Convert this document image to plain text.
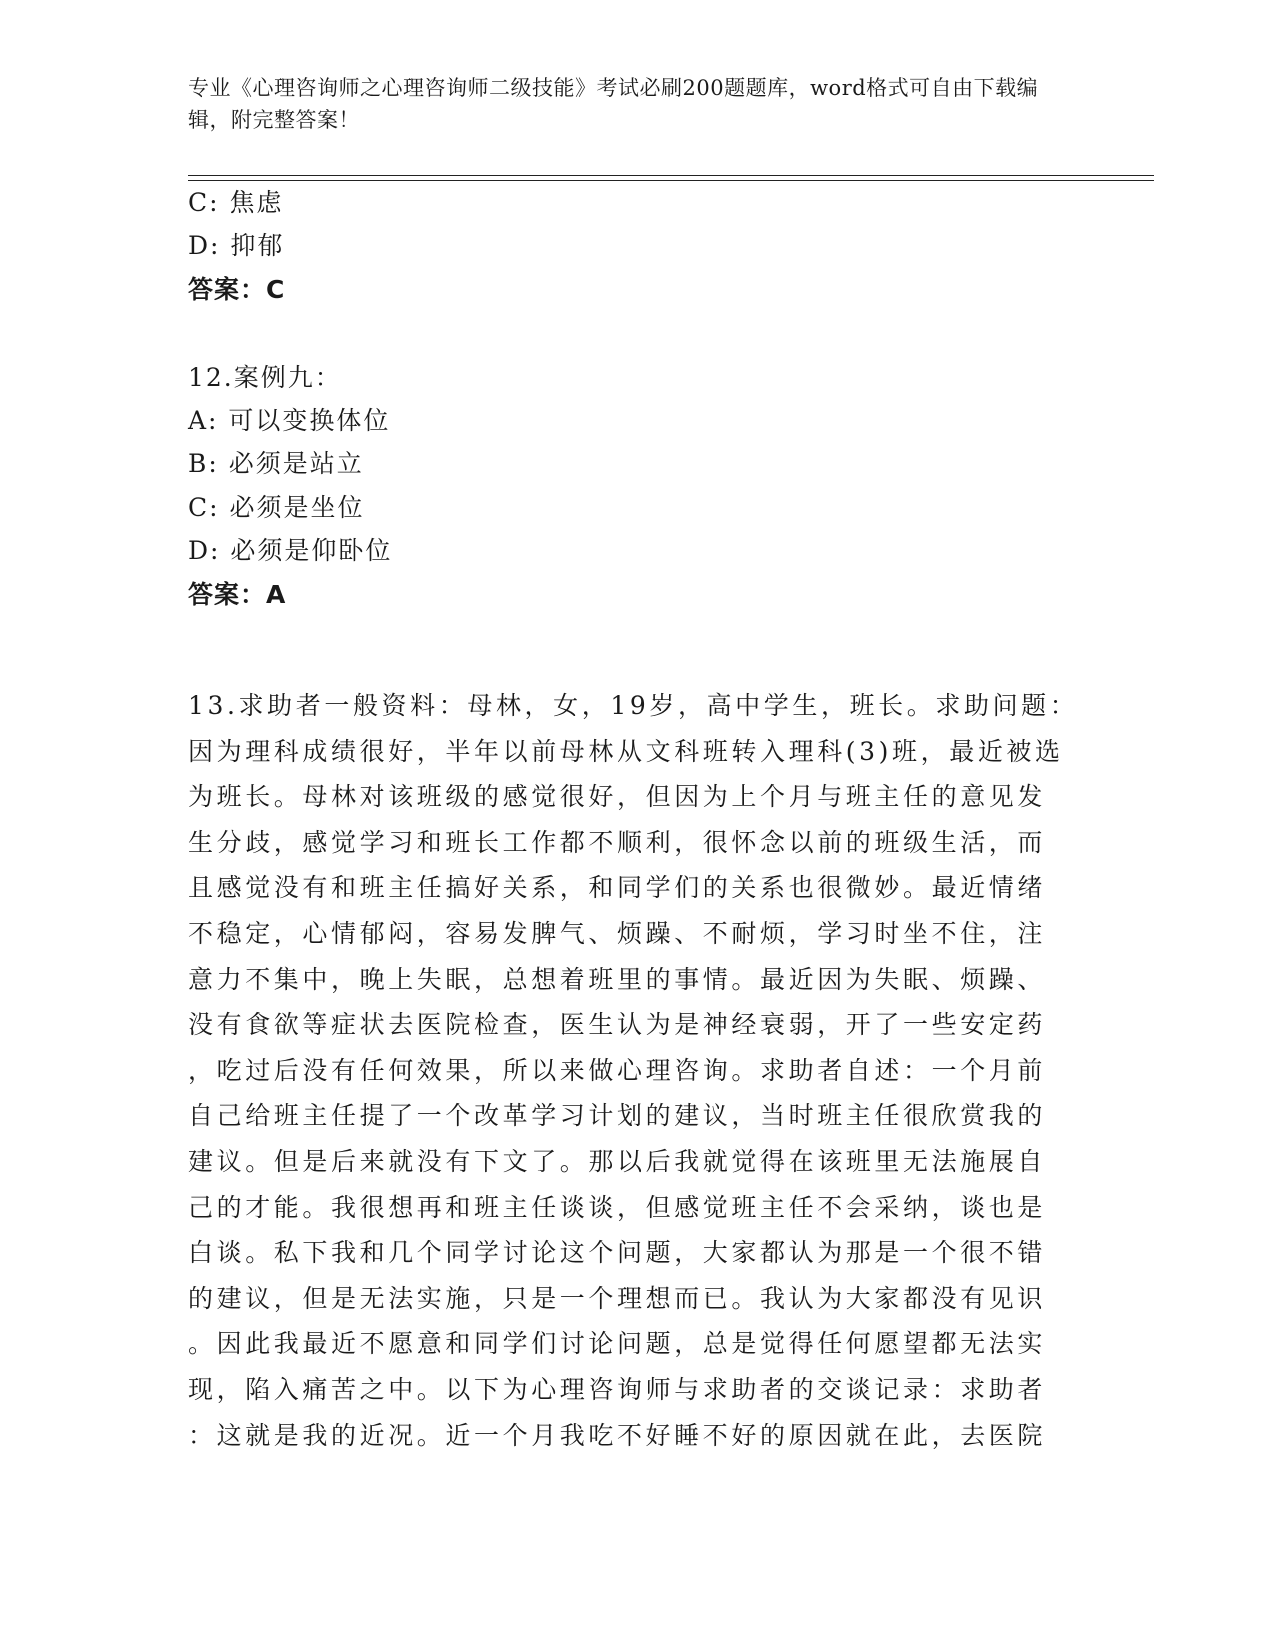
专业《心理咨询师之心理咨询师二级技能》考试必刷200题题库，word格式可自由下载编辑，附完整答案！
C: 焦虑
D: 抑郁
答案：C
12.案例九：
A: 可以变换体位
B: 必须是站立
C: 必须是坐位
D: 必须是仰卧位
答案：A
13.求助者一般资料：母林，女，19岁，高中学生，班长。求助问题：
因为理科成绩很好，半年以前母林从文科班转入理科(3)班，最近被选
为班长。母林对该班级的感觉很好，但因为上个月与班主任的意见发
生分歧，感觉学习和班长工作都不顺利，很怀念以前的班级生活，而
且感觉没有和班主任搞好关系，和同学们的关系也很微妙。最近情绪
不稳定，心情郁闷，容易发脾气、烦躁、不耐烦，学习时坐不住，注
意力不集中，晚上失眠，总想着班里的事情。最近因为失眠、烦躁、
没有食欲等症状去医院检查，医生认为是神经衰弱，开了一些安定药
，吃过后没有任何效果，所以来做心理咨询。求助者自述：一个月前
自己给班主任提了一个改革学习计划的建议，当时班主任很欣赏我的
建议。但是后来就没有下文了。那以后我就觉得在该班里无法施展自
己的才能。我很想再和班主任谈谈，但感觉班主任不会采纳，谈也是
白谈。私下我和几个同学讨论这个问题，大家都认为那是一个很不错
的建议，但是无法实施，只是一个理想而已。我认为大家都没有见识
。因此我最近不愿意和同学们讨论问题，总是觉得任何愿望都无法实
现，陷入痛苦之中。以下为心理咨询师与求助者的交谈记录：求助者
：这就是我的近况。近一个月我吃不好睡不好的原因就在此，去医院
